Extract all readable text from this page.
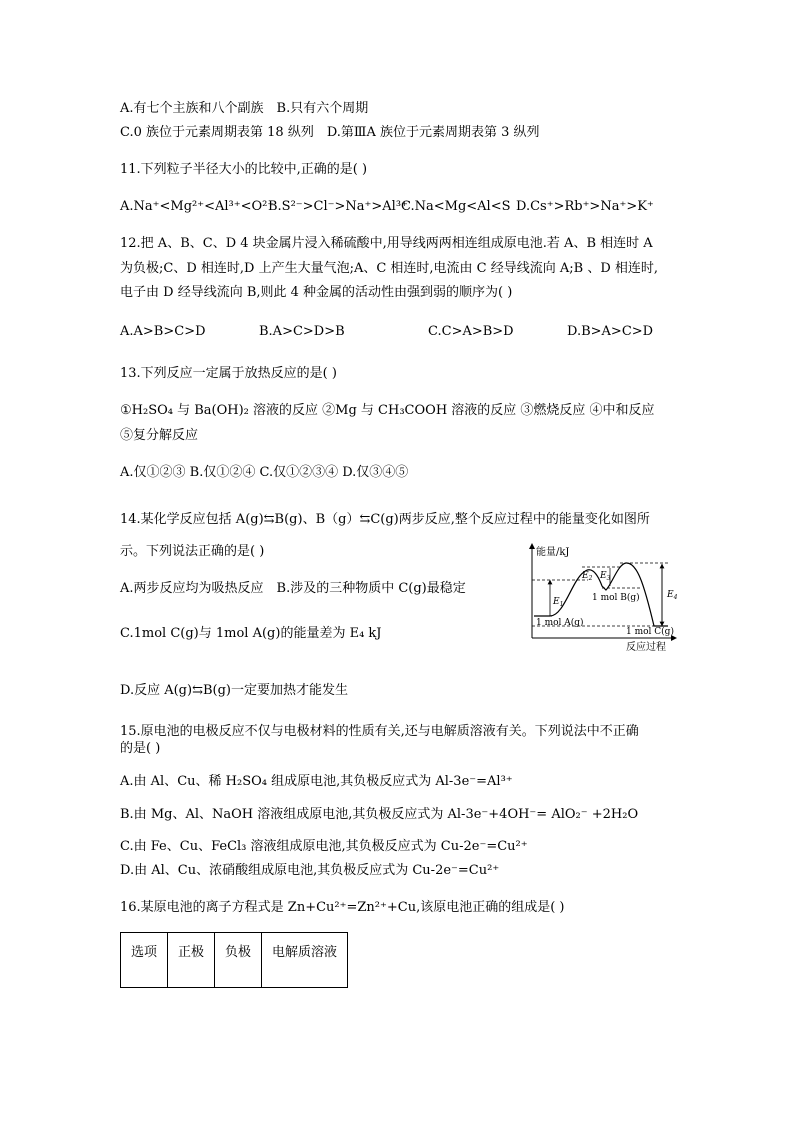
A.有七个主族和八个副族　B.只有六个周期
C.0 族位于元素周期表第 18 纵列　D.第ⅢA 族位于元素周期表第 3 纵列
11.下列粒子半径大小的比较中,正确的是( )
A.Na⁺<Mg²⁺<Al³⁺<O²⁻
B.S²⁻>Cl⁻>Na⁺>Al³⁺
C.Na<Mg<Al<S D.Cs⁺>Rb⁺>Na⁺>K⁺
12.把 A、B、C、D 4 块金属片浸入稀硫酸中,用导线两两相连组成原电池.若 A、B 相连时 A
为负极;C、D 相连时,D 上产生大量气泡;A、C 相连时,电流由 C 经导线流向 A;B 、D 相连时,
电子由 D 经导线流向 B,则此 4 种金属的活动性由强到弱的顺序为( )
A.A>B>C>D	B.A>C>D>B	C.C>A>B>D	D.B>A>C>D
13.下列反应一定属于放热反应的是( )
①H₂SO₄ 与 Ba(OH)₂ 溶液的反应 ②Mg 与 CH₃COOH 溶液的反应 ③燃烧反应 ④中和反应
⑤复分解反应
A.仅①②③ B.仅①②④ C.仅①②③④ D.仅③④⑤
14.某化学反应包括 A(g)⇆B(g)、B（g）⇆C(g)两步反应,整个反应过程中的能量变化如图所
示。下列说法正确的是( )
A.两步反应均为吸热反应　B.涉及的三种物质中 C(g)最稳定
C.1mol C(g)与 1mol A(g)的能量差为 E₄ kJ
D.反应 A(g)⇆B(g)一定要加热才能发生
能量/kJ
反应过程
$E_1$
$E_2$ $E_3$
$E_4$
1 mol B(g)
1 mol A(g)
1 mol C(g)
15.原电池的电极反应不仅与电极材料的性质有关,还与电解质溶液有关。下列说法中不正确
的是( )
A.由 Al、Cu、稀 H₂SO₄ 组成原电池,其负极反应式为 Al-3e⁻=Al³⁺
B.由 Mg、Al、NaOH 溶液组成原电池,其负极反应式为 Al-3e⁻+4OH⁻= AlO₂⁻ +2H₂O
C.由 Fe、Cu、FeCl₃ 溶液组成原电池,其负极反应式为 Cu-2e⁻=Cu²⁺
D.由 Al、Cu、浓硝酸组成原电池,其负极反应式为 Cu-2e⁻=Cu²⁺
16.某原电池的离子方程式是 Zn+Cu²⁺=Zn²⁺+Cu,该原电池正确的组成是( )
选项	正极	负极	电解质溶液
